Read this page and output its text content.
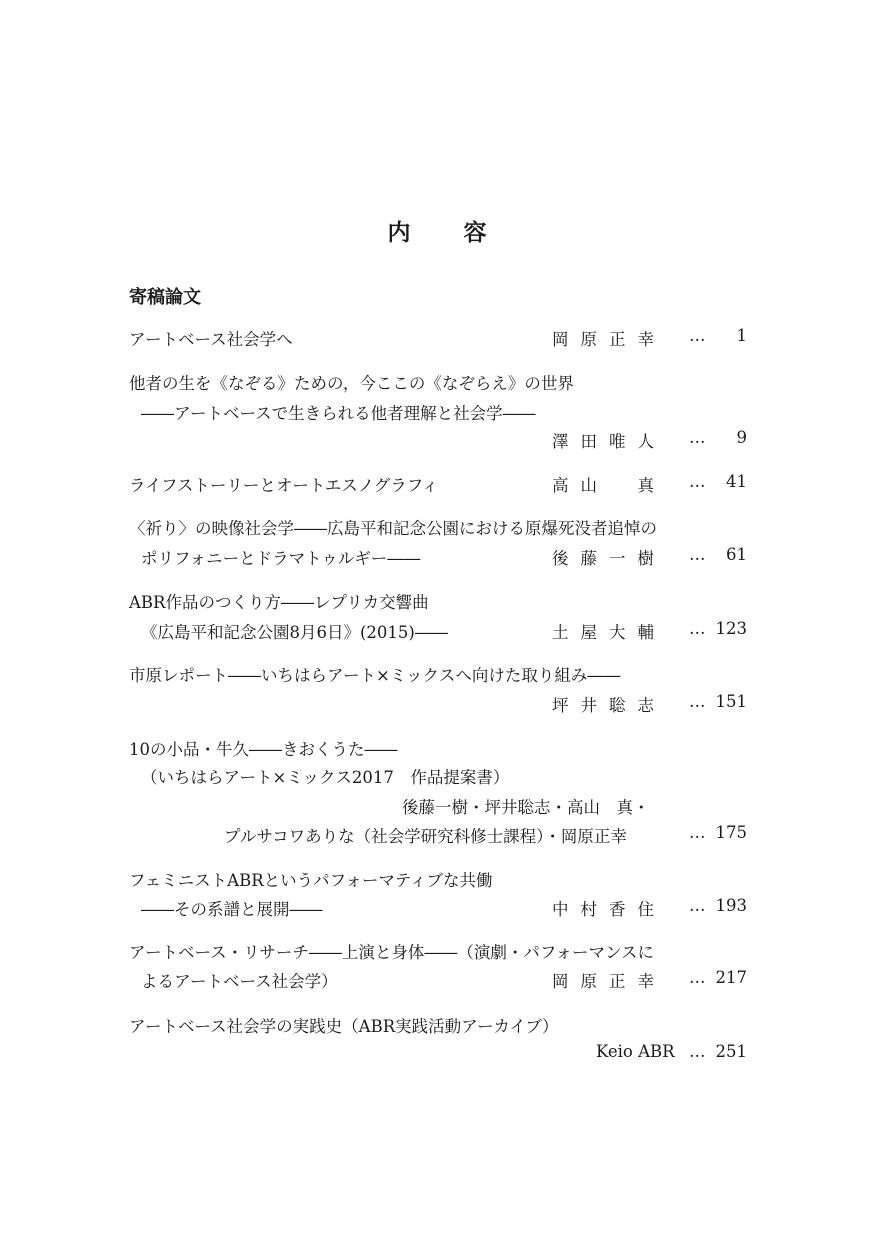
内 容
寄稿論文
アートベース社会学へ	岡原正幸 … 1
他者の生を《なぞる》ための，今ここの《なぞらえ》の世界
――アートベースで生きられる他者理解と社会学――
澤田唯人 … 9
ライフストーリーとオートエスノグラフィ	高山　真 … 41
〈祈り〉の映像社会学――広島平和記念公園における原爆死没者追悼の
ポリフォニーとドラマトゥルギー――	後藤一樹 … 61
ABR作品のつくり方――レプリカ交響曲
《広島平和記念公園8月6日》(2015)――	土屋大輔 … 123
市原レポート――いちはらアート×ミックスへ向けた取り組み――
坪井聡志 … 151
10の小品・牛久――きおくうた――
（いちはらアート×ミックス2017　作品提案書）
後藤一樹・坪井聡志・高山　真・
プルサコワありな（社会学研究科修士課程）・岡原正幸	… 175
フェミニストABRというパフォーマティブな共働
――その系譜と展開――	中村香住 … 193
アートベース・リサーチ――上演と身体――（演劇・パフォーマンスに
よるアートベース社会学）	岡原正幸 … 217
アートベース社会学の実践史（ABR実践活動アーカイブ）
Keio ABR … 251
